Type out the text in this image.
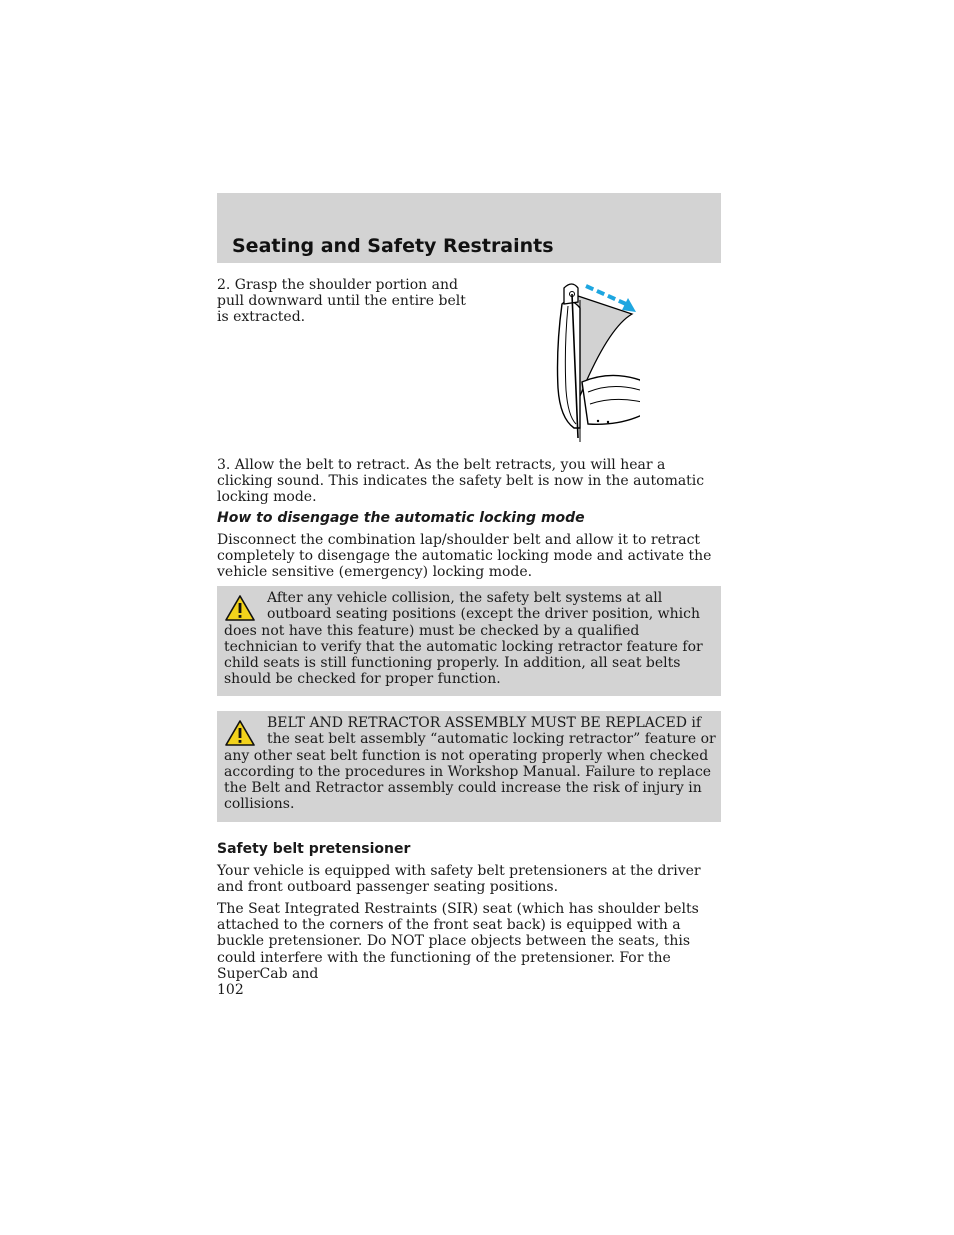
Seating and Safety Restraints

2. Grasp the shoulder portion and pull downward until the entire belt is extracted.

3. Allow the belt to retract. As the belt retracts, you will hear a clicking sound. This indicates the safety belt is now in the automatic locking mode.

How to disengage the automatic locking mode

Disconnect the combination lap/shoulder belt and allow it to retract completely to disengage the automatic locking mode and activate the vehicle sensitive (emergency) locking mode.

After any vehicle collision, the safety belt systems at all outboard seating positions (except the driver position, which does not have this feature) must be checked by a qualified technician to verify that the automatic locking retractor feature for child seats is still functioning properly. In addition, all seat belts should be checked for proper function.

BELT AND RETRACTOR ASSEMBLY MUST BE REPLACED if the seat belt assembly “automatic locking retractor” feature or any other seat belt function is not operating properly when checked according to the procedures in Workshop Manual. Failure to replace the Belt and Retractor assembly could increase the risk of injury in collisions.

Safety belt pretensioner

Your vehicle is equipped with safety belt pretensioners at the driver and front outboard passenger seating positions.

The Seat Integrated Restraints (SIR) seat (which has shoulder belts attached to the corners of the front seat back) is equipped with a buckle pretensioner. Do NOT place objects between the seats, this could interfere with the functioning of the pretensioner. For the SuperCab and

102
